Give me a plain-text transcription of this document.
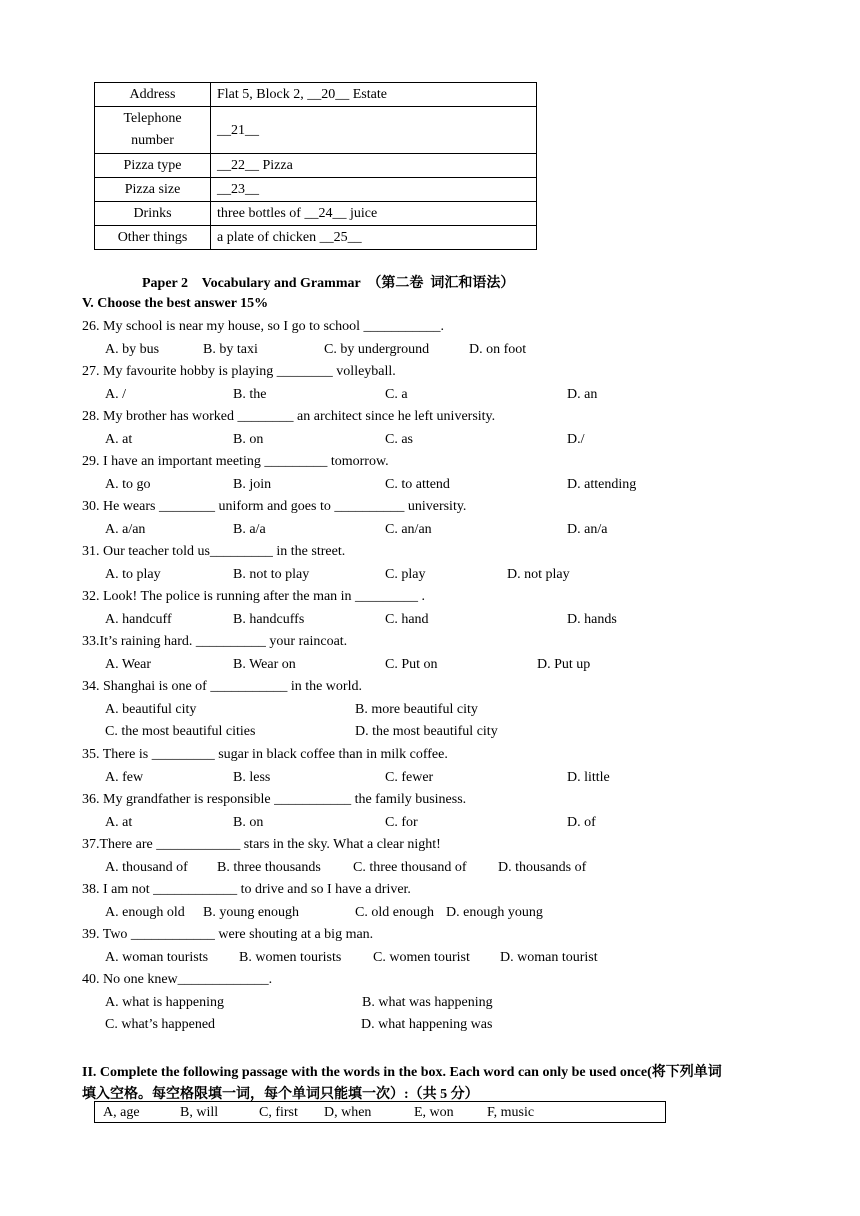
Address	Flat 5, Block 2, __20__ Estate
Telephone number	__21__
Pizza type	__22__ Pizza
Pizza size	__23__
Drinks	three bottles of __24__ juice
Other things	a plate of chicken __25__
Paper 2    Vocabulary and Grammar  （第二卷  词汇和语法）
V. Choose the best answer 15%
26. My school is near my house, so I go to school ___________.
A. by bus	B. by taxi	C. by underground	D. on foot
27. My favourite hobby is playing ________ volleyball.
A. /	B. the	C. a	D. an
28. My brother has worked ________ an architect since he left university.
A. at	B. on	C. as	D./
29. I have an important meeting _________ tomorrow.
A. to go	B. join	C. to attend	D. attending
30. He wears ________ uniform and goes to __________ university.
A. a/an	B. a/a	C. an/an	D. an/a
31. Our teacher told us_________ in the street.
A. to play	B. not to play	C. play	D. not play
32. Look! The police is running after the man in _________ .
A. handcuff	B. handcuffs	C. hand	D. hands
33.It’s raining hard. __________ your raincoat.
A. Wear	B. Wear on	C. Put on	D. Put up
34. Shanghai is one of ___________ in the world.
A. beautiful city	B. more beautiful city
C. the most beautiful cities	D. the most beautiful city
35. There is _________ sugar in black coffee than in milk coffee.
A. few	B. less	C. fewer	D. little
36. My grandfather is responsible ___________ the family business.
A. at	B. on	C. for	D. of
37.There are ____________ stars in the sky. What a clear night!
A. thousand of B. three thousands C. three thousand of D. thousands of
38. I am not ____________ to drive and so I have a driver.
A. enough old B. young enough	C. old enough D. enough young
39. Two ____________ were shouting at a big man.
A. woman tourists B. women tourists C. women tourist D. woman tourist
40. No one knew_____________.
A. what is happening	B. what was happening
C. what’s happened	D. what happening was
II. Complete the following passage with the words in the box. Each word can only be used once(将下列单词
填入空格。每空格限填一词，每个单词只能填一次）:（共 5 分）
A, age	B, will	C, first D, when	E, won F, music
